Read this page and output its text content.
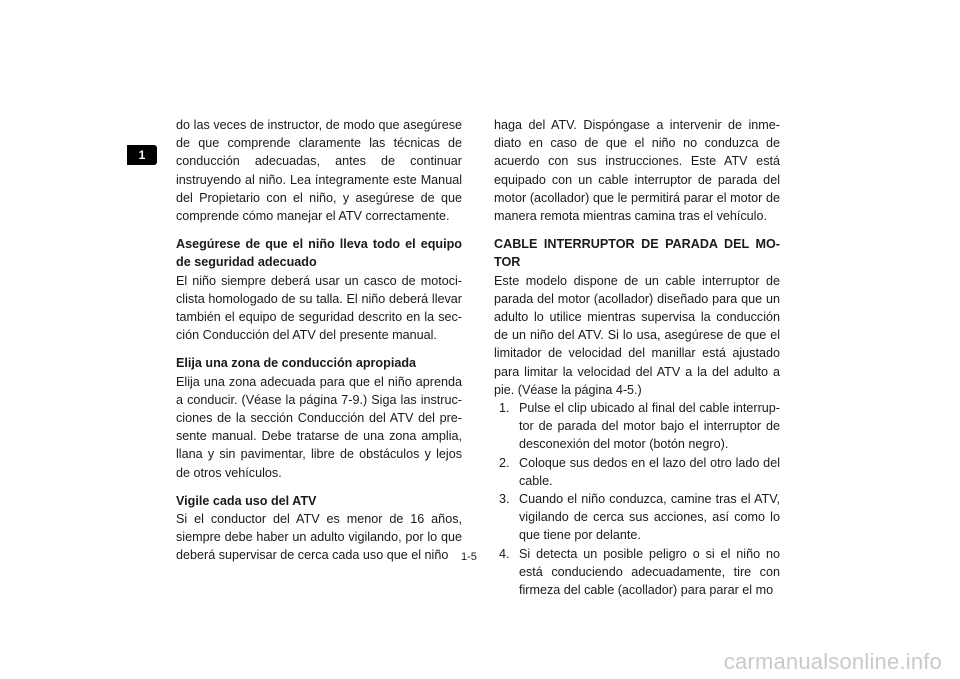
1

do las veces de instructor, de modo que asegúrese de que comprende claramente las técnicas de conducción adecuadas, antes de continuar instruyendo al niño. Lea íntegramente este Manual del Propietario con el niño, y asegúrese de que comprende cómo manejar el ATV correctamente.

Asegúrese de que el niño lleva todo el equipo de seguridad adecuado

El niño siempre deberá usar un casco de motociclista homologado de su talla. El niño deberá llevar también el equipo de seguridad descrito en la sección Conducción del ATV del presente manual.

Elija una zona de conducción apropiada

Elija una zona adecuada para que el niño aprenda a conducir. (Véase la página 7-9.) Siga las instrucciones de la sección Conducción del ATV del presente manual. Debe tratarse de una zona amplia, llana y sin pavimentar, libre de obstáculos y lejos de otros vehículos.

Vigile cada uso del ATV

Si el conductor del ATV es menor de 16 años, siempre debe haber un adulto vigilando, por lo que deberá supervisar de cerca cada uso que el niño

haga del ATV. Dispóngase a intervenir de inmediato en caso de que el niño no conduzca de acuerdo con sus instrucciones. Este ATV está equipado con un cable interruptor de parada del motor (acollador) que le permitirá parar el motor de manera remota mientras camina tras el vehículo.

CABLE INTERRUPTOR DE PARADA DEL MOTOR

Este modelo dispone de un cable interruptor de parada del motor (acollador) diseñado para que un adulto lo utilice mientras supervisa la conducción de un niño del ATV. Si lo usa, asegúrese de que el limitador de velocidad del manillar está ajustado para limitar la velocidad del ATV a la del adulto a pie. (Véase la página 4-5.)

1. Pulse el clip ubicado al final del cable interruptor de parada del motor bajo el interruptor de desconexión del motor (botón negro).
2. Coloque sus dedos en el lazo del otro lado del cable.
3. Cuando el niño conduzca, camine tras el ATV, vigilando de cerca sus acciones, así como lo que tiene por delante.
4. Si detecta un posible peligro o si el niño no está conduciendo adecuadamente, tire con firmeza del cable (acollador) para parar el mo
1-5
carmanualsonline.info
